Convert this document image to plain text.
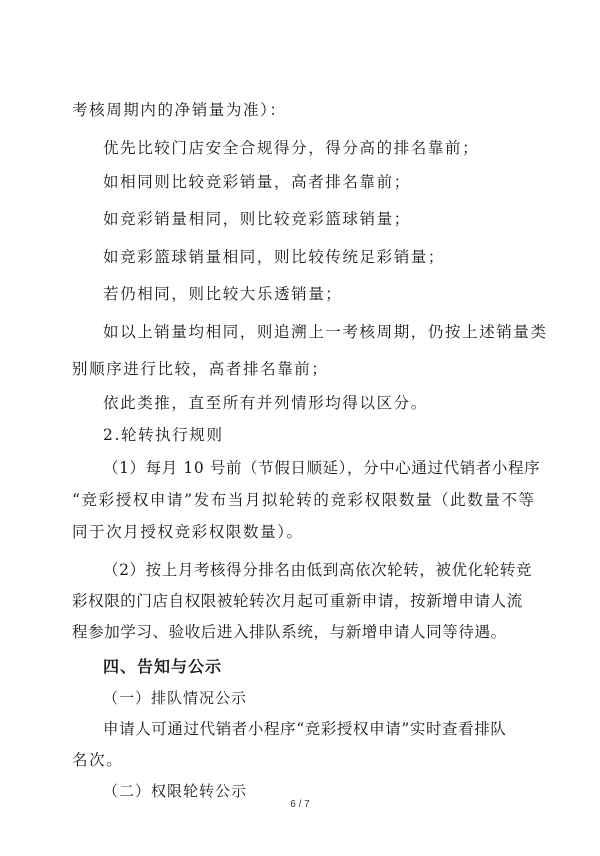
考核周期内的净销量为准）：

优先比较门店安全合规得分，得分高的排名靠前；

如相同则比较竞彩销量，高者排名靠前；

如竞彩销量相同，则比较竞彩篮球销量；

如竞彩篮球销量相同，则比较传统足彩销量；

若仍相同，则比较大乐透销量；

如以上销量均相同，则追溯上一考核周期，仍按上述销量类

别顺序进行比较，高者排名靠前；

依此类推，直至所有并列情形均得以区分。

2.轮转执行规则

（1）每月 10 号前（节假日顺延），分中心通过代销者小程序

“竞彩授权申请”发布当月拟轮转的竞彩权限数量（此数量不等

同于次月授权竞彩权限数量）。

（2）按上月考核得分排名由低到高依次轮转，被优化轮转竞

彩权限的门店自权限被轮转次月起可重新申请，按新增申请人流

程参加学习、验收后进入排队系统，与新增申请人同等待遇。

四、告知与公示

（一）排队情况公示

申请人可通过代销者小程序“竞彩授权申请”实时查看排队

名次。

（二）权限轮转公示

6 / 7
